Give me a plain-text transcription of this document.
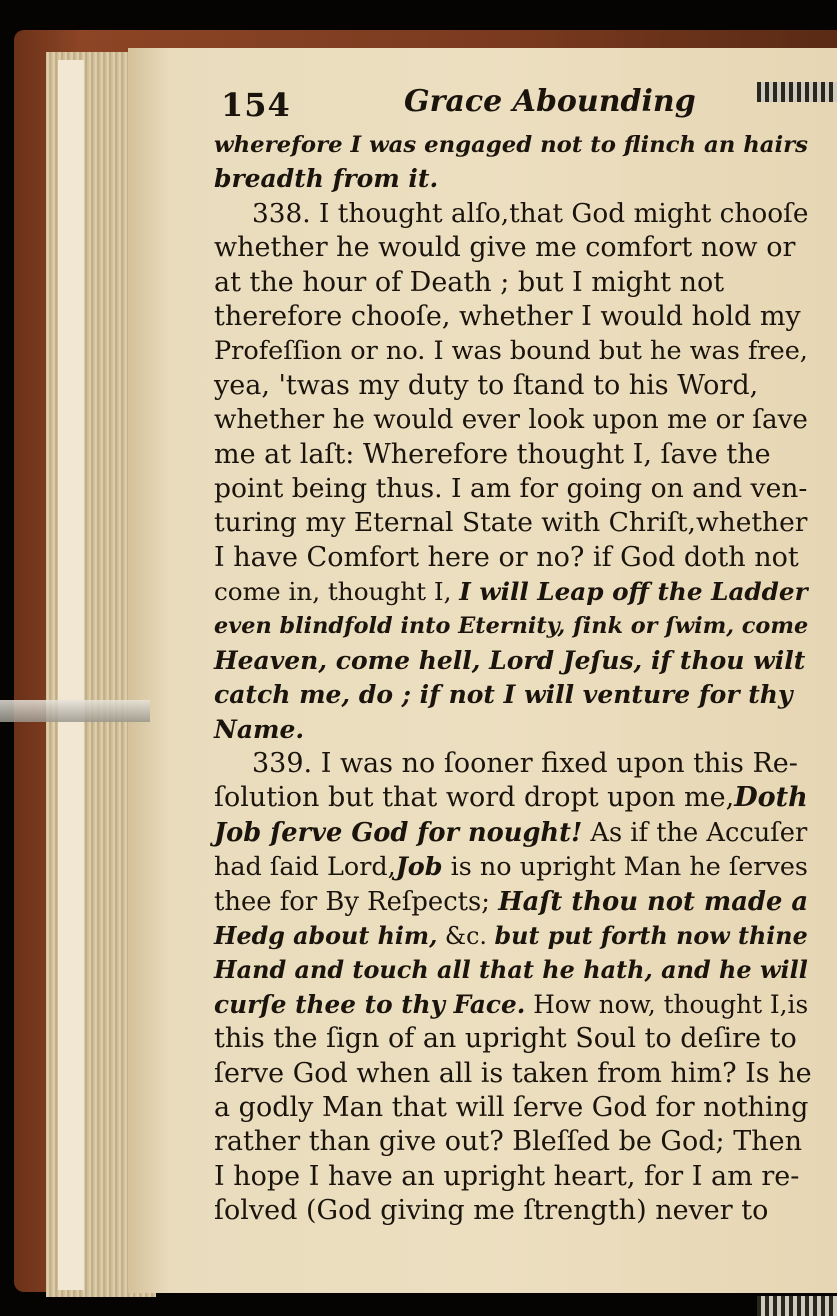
154	Grace Abounding
wherefore I was engaged not to flinch an hairs
breadth from it.
338. I thought alſo,that God might chooſe
whether he would give me comfort now or
at the hour of Death ; but I might not
therefore chooſe, whether I would hold my
Profeſſion or no. I was bound but he was free,
yea, 'twas my duty to ſtand to his Word,
whether he would ever look upon me or ſave
me at laſt: Wherefore thought I, ſave the
point being thus. I am for going on and ven-
turing my Eternal State with Chriſt,whether
I have Comfort here or no? if God doth not
come in, thought I, I will Leap off the Ladder
even blindfold into Eternity, ſink or ſwim, come
Heaven, come hell, Lord Jeſus, if thou wilt
catch me, do ; if not I will venture for thy
Name.
339. I was no ſooner fixed upon this Re-
ſolution but that word dropt upon me,Doth
Job ſerve God for nought! As if the Accuſer
had ſaid Lord,Job is no upright Man he ſerves
thee for By Reſpects; Haſt thou not made a
Hedg about him, &c. but put forth now thine
Hand and touch all that he hath, and he will
curſe thee to thy Face. How now, thought I,is
this the ſign of an upright Soul to deſire to
ſerve God when all is taken from him? Is he
a godly Man that will ſerve God for nothing
rather than give out? Bleſſed be God; Then
I hope I have an upright heart, for I am re-
ſolved (God giving me ſtrength) never to
